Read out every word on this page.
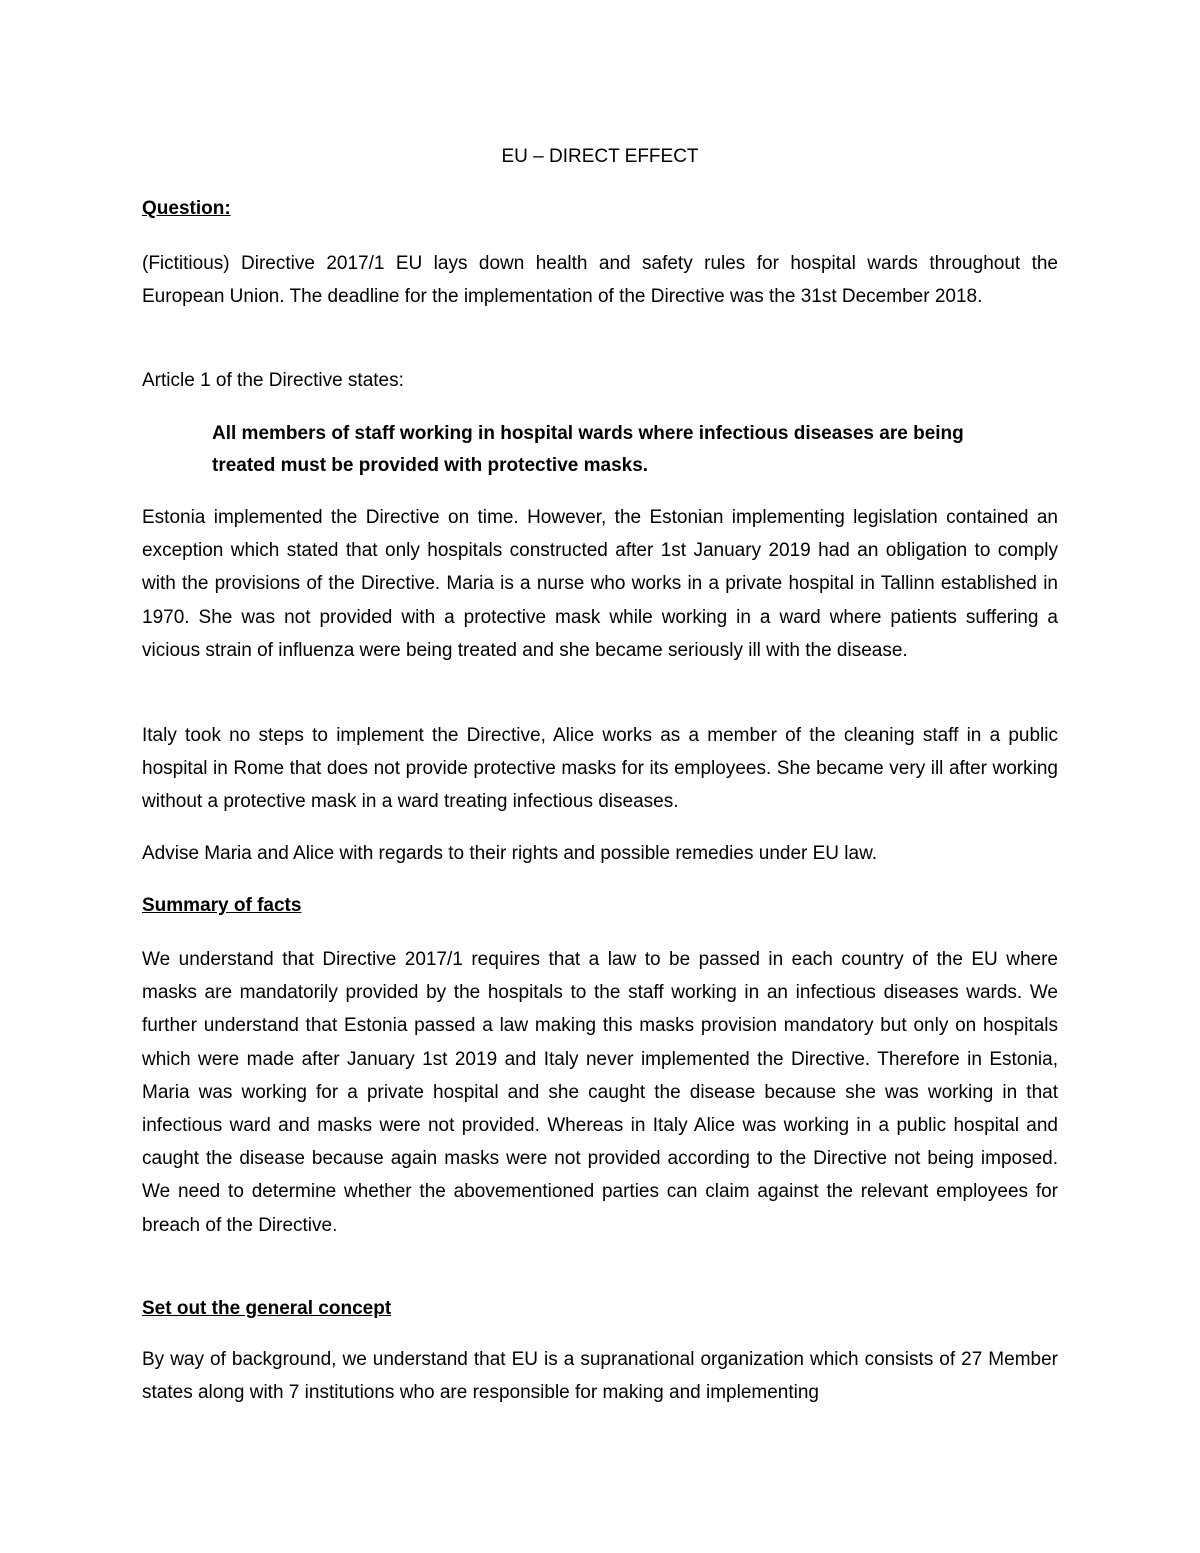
EU – DIRECT EFFECT
Question:
(Fictitious) Directive 2017/1 EU lays down health and safety rules for hospital wards throughout the European Union. The deadline for the implementation of the Directive was the 31st December 2018.
Article 1 of the Directive states:
All members of staff working in hospital wards where infectious diseases are being treated must be provided with protective masks.
Estonia implemented the Directive on time. However, the Estonian implementing legislation contained an exception which stated that only hospitals constructed after 1st January 2019 had an obligation to comply with the provisions of the Directive. Maria is a nurse who works in a private hospital in Tallinn established in 1970. She was not provided with a protective mask while working in a ward where patients suffering a vicious strain of influenza were being treated and she became seriously ill with the disease.
Italy took no steps to implement the Directive, Alice works as a member of the cleaning staff in a public hospital in Rome that does not provide protective masks for its employees. She became very ill after working without a protective mask in a ward treating infectious diseases.
Advise Maria and Alice with regards to their rights and possible remedies under EU law.
Summary of facts
We understand that Directive 2017/1 requires that a law to be passed in each country of the EU where masks are mandatorily provided by the hospitals to the staff working in an infectious diseases wards. We further understand that Estonia passed a law making this masks provision mandatory but only on hospitals which were made after January 1st 2019 and Italy never implemented the Directive. Therefore in Estonia, Maria was working for a private hospital and she caught the disease because she was working in that infectious ward and masks were not provided. Whereas in Italy Alice was working in a public hospital and caught the disease because again masks were not provided according to the Directive not being imposed. We need to determine whether the abovementioned parties can claim against the relevant employees for breach of the Directive.
Set out the general concept
By way of background, we understand that EU is a supranational organization which consists of 27 Member states along with 7 institutions who are responsible for making and implementing
